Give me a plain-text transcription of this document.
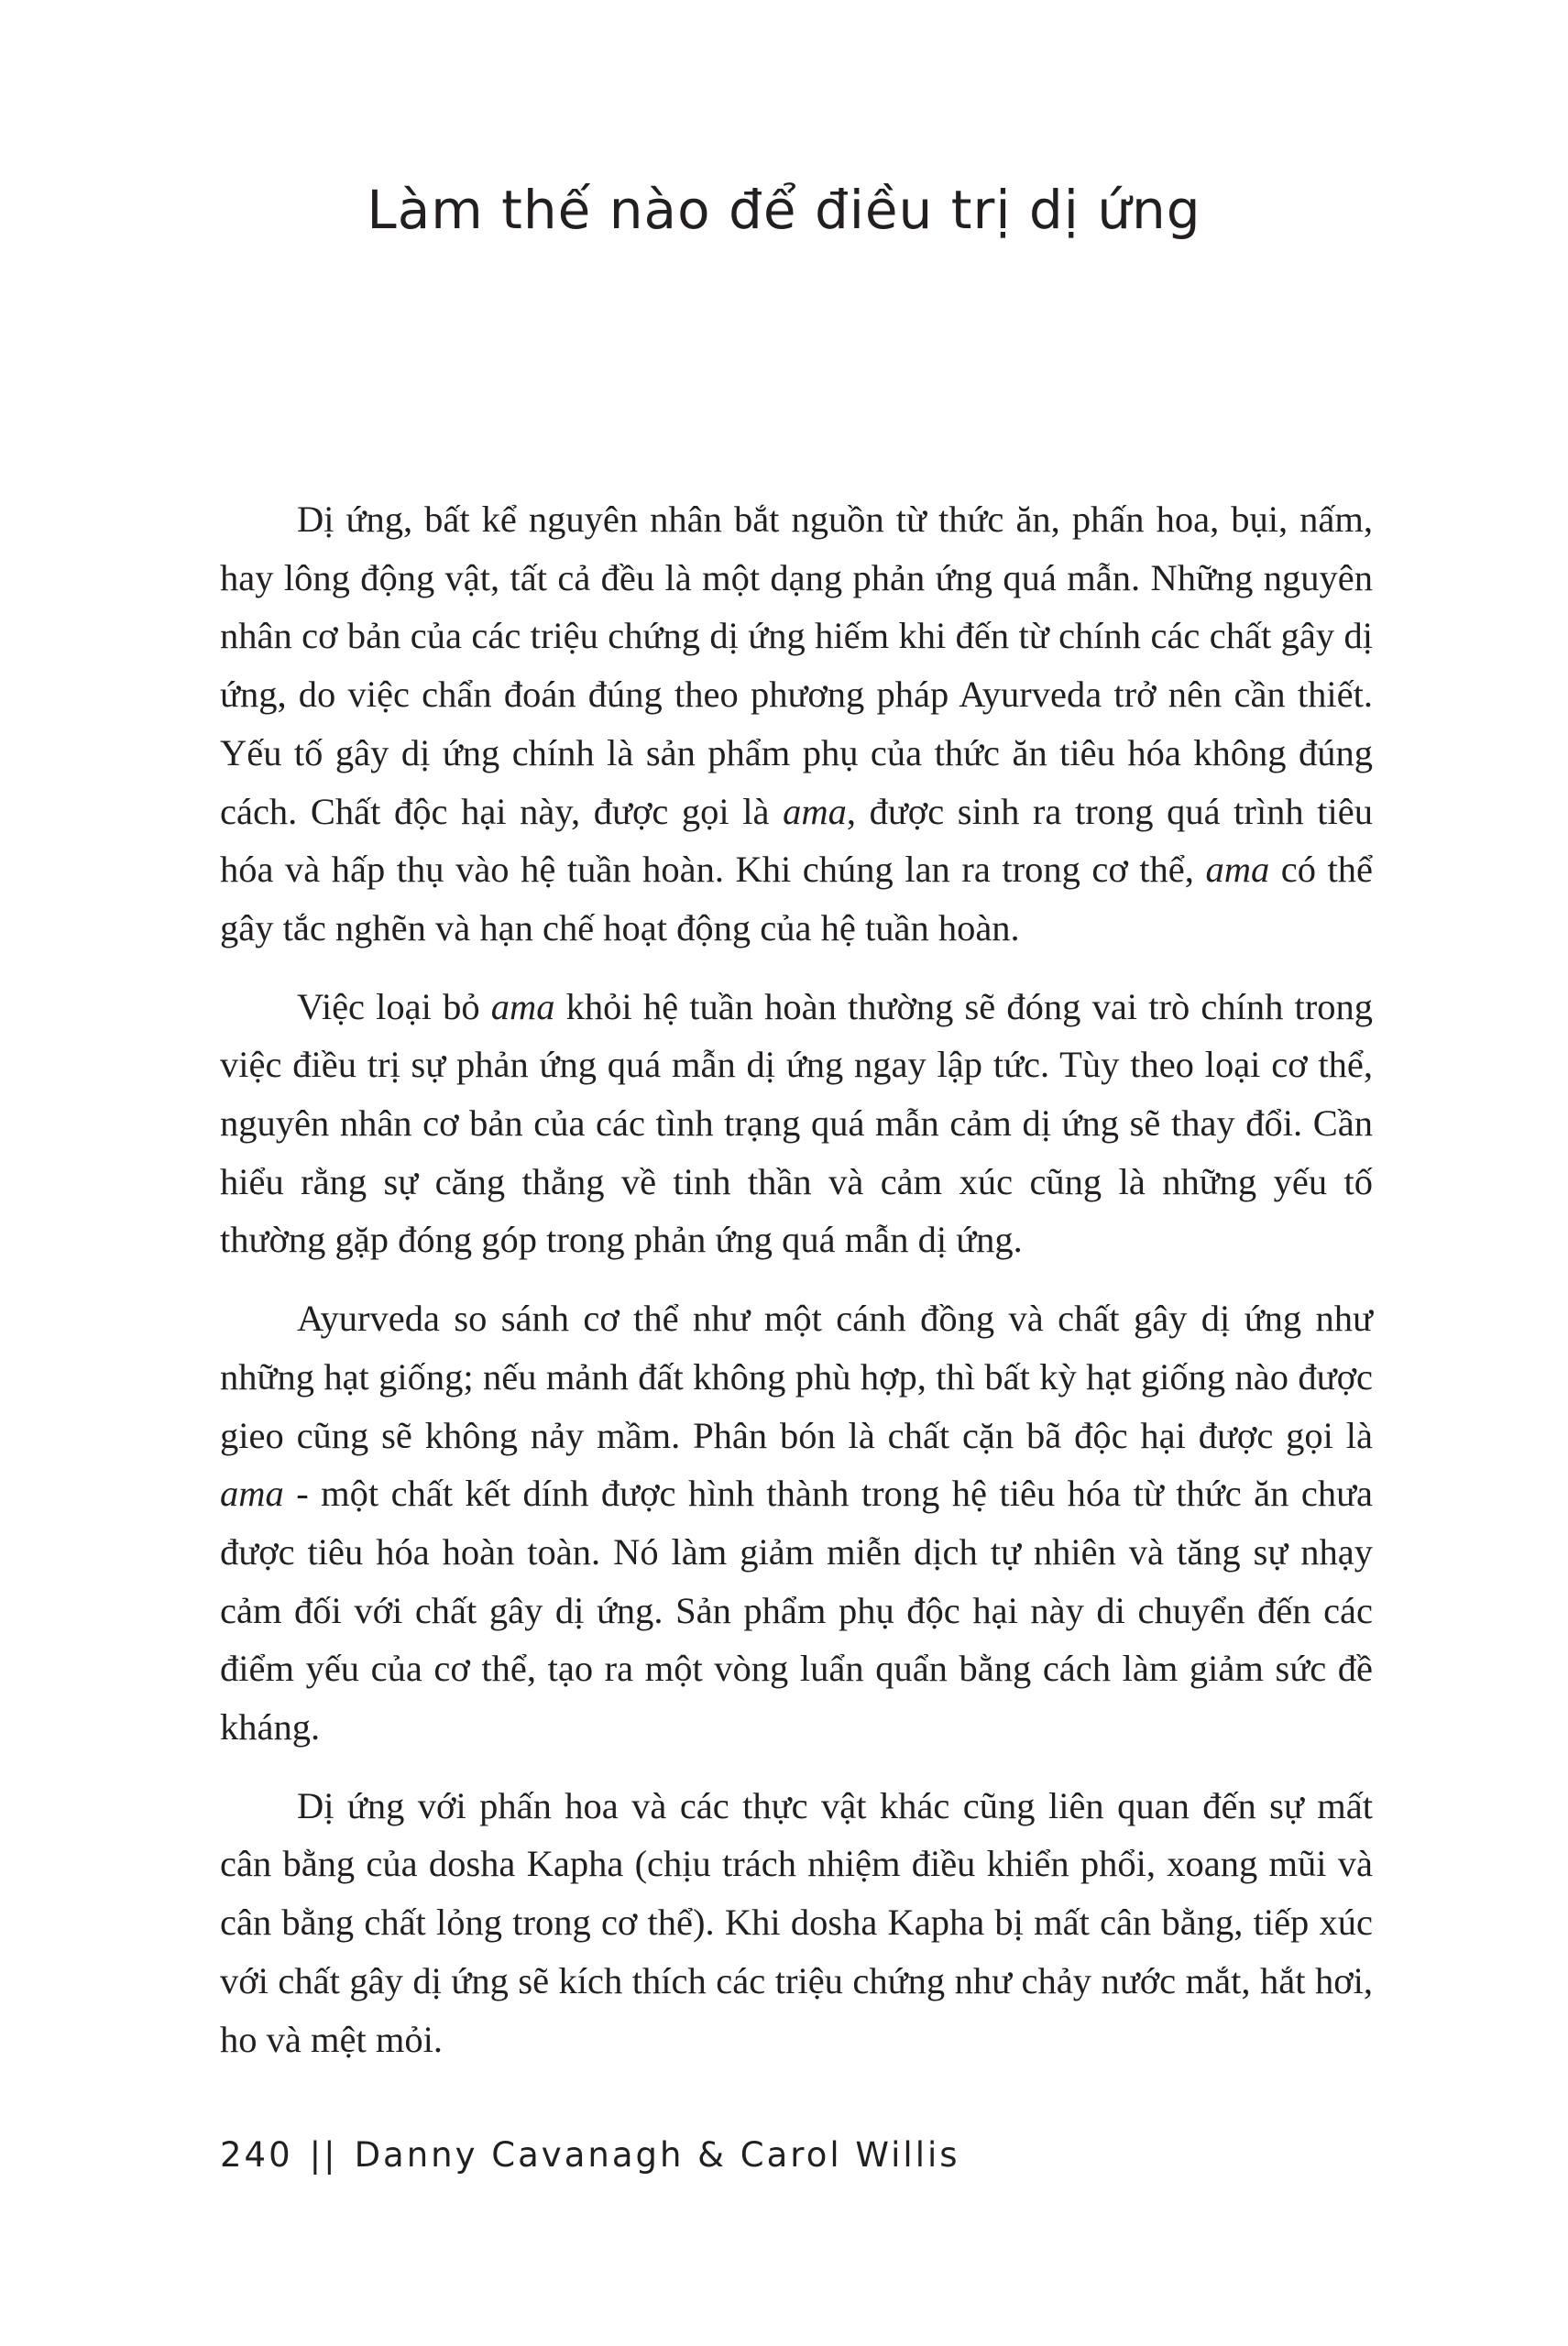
Làm thế nào để điều trị dị ứng

Dị ứng, bất kể nguyên nhân bắt nguồn từ thức ăn, phấn hoa, bụi, nấm, hay lông động vật, tất cả đều là một dạng phản ứng quá mẫn. Những nguyên nhân cơ bản của các triệu chứng dị ứng hiếm khi đến từ chính các chất gây dị ứng, do việc chẩn đoán đúng theo phương pháp Ayurveda trở nên cần thiết. Yếu tố gây dị ứng chính là sản phẩm phụ của thức ăn tiêu hóa không đúng cách. Chất độc hại này, được gọi là ama, được sinh ra trong quá trình tiêu hóa và hấp thụ vào hệ tuần hoàn. Khi chúng lan ra trong cơ thể, ama có thể gây tắc nghẽn và hạn chế hoạt động của hệ tuần hoàn.

Việc loại bỏ ama khỏi hệ tuần hoàn thường sẽ đóng vai trò chính trong việc điều trị sự phản ứng quá mẫn dị ứng ngay lập tức. Tùy theo loại cơ thể, nguyên nhân cơ bản của các tình trạng quá mẫn cảm dị ứng sẽ thay đổi. Cần hiểu rằng sự căng thẳng về tinh thần và cảm xúc cũng là những yếu tố thường gặp đóng góp trong phản ứng quá mẫn dị ứng.

Ayurveda so sánh cơ thể như một cánh đồng và chất gây dị ứng như những hạt giống; nếu mảnh đất không phù hợp, thì bất kỳ hạt giống nào được gieo cũng sẽ không nảy mầm. Phân bón là chất cặn bã độc hại được gọi là ama - một chất kết dính được hình thành trong hệ tiêu hóa từ thức ăn chưa được tiêu hóa hoàn toàn. Nó làm giảm miễn dịch tự nhiên và tăng sự nhạy cảm đối với chất gây dị ứng. Sản phẩm phụ độc hại này di chuyển đến các điểm yếu của cơ thể, tạo ra một vòng luẩn quẩn bằng cách làm giảm sức đề kháng.

Dị ứng với phấn hoa và các thực vật khác cũng liên quan đến sự mất cân bằng của dosha Kapha (chịu trách nhiệm điều khiển phổi, xoang mũi và cân bằng chất lỏng trong cơ thể). Khi dosha Kapha bị mất cân bằng, tiếp xúc với chất gây dị ứng sẽ kích thích các triệu chứng như chảy nước mắt, hắt hơi, ho và mệt mỏi.

240 || Danny Cavanagh & Carol Willis
